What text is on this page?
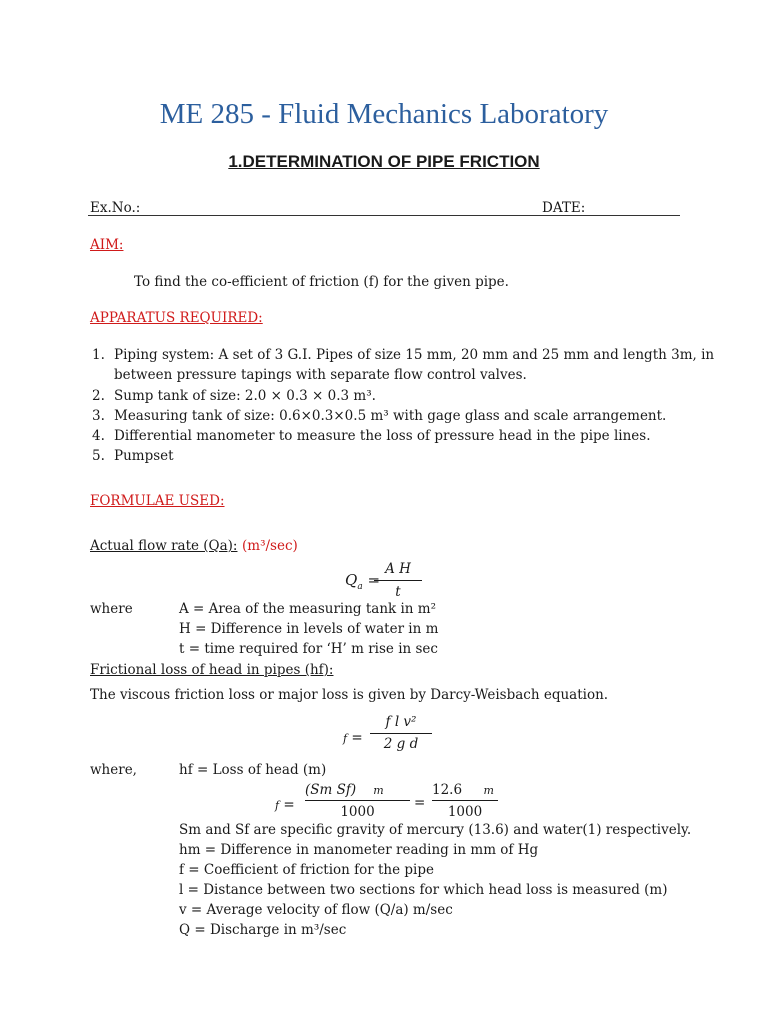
ME 285 - Fluid Mechanics Laboratory
1.DETERMINATION OF PIPE FRICTION
Ex.No.:	DATE:
AIM:
To find the co-efficient of friction (f) for the given pipe.
APPARATUS REQUIRED:
1. Piping system: A set of 3 G.I. Pipes of size 15 mm, 20 mm and 25 mm and length 3m, in
between pressure tapings with separate flow control valves.
2. Sump tank of size: 2.0 × 0.3 × 0.3 m³.
3. Measuring tank of size: 0.6×0.3×0.5 m³ with gage glass and scale arrangement.
4. Differential manometer to measure the loss of pressure head in the pipe lines.
5. Pumpset
FORMULAE USED:
Actual flow rate (Qa): (m³/sec)
$Q_a$ =
A H
t
where	A = Area of the measuring tank in m²
H = Difference in levels of water in m
t = time required for ‘H’ m rise in sec
Frictional loss of head in pipes (hf):
The viscous friction loss or major loss is given by Darcy-Weisbach equation.
f =
f l v²
2 g d
where,	hf = Loss of head (m)
f =
(Sm Sf) m
1000
=
12.6 m
1000
Sm and Sf are specific gravity of mercury (13.6) and water(1) respectively.
hm = Difference in manometer reading in mm of Hg
f = Coefficient of friction for the pipe
l = Distance between two sections for which head loss is measured (m)
v = Average velocity of flow (Q/a) m/sec
Q = Discharge in m³/sec
